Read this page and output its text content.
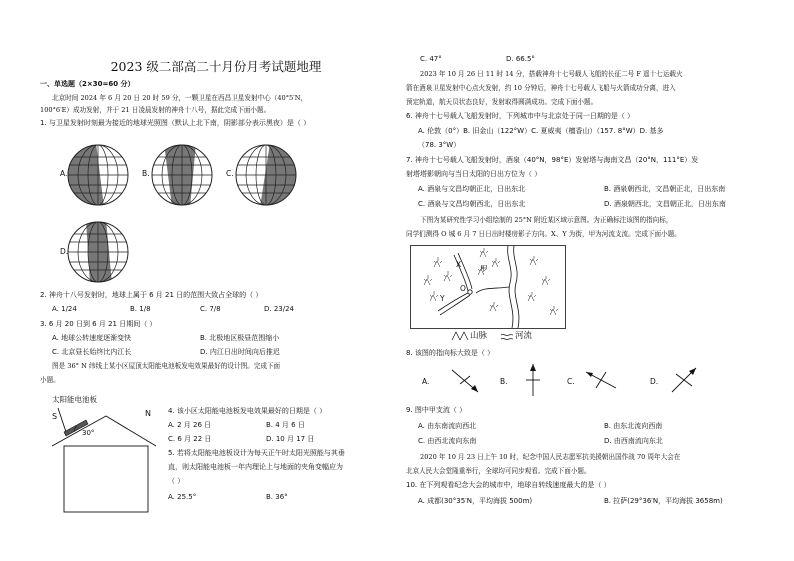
2023 级二部高二十月份月考试题地理
一、单选题（2×30=60 分）
北京时间 2024 年 6 月 20 日 20 时 59 分，一颗卫星在西昌卫星发射中心（40°5′N，
100°6′E）成功发射，并于 21 日凌晨发射的神舟十八号，据此完成下面小题。
1. 与卫星发射时刻最为接近的地球光照图（默认上北下南，阴影部分表示黑夜）是（ ）
A.	B.	C.
D.
2. 神舟十八号发射时，地球上属于 6 月 21 日的范围大致占全球的（ ）
A. 1/24	B. 1/8	C. 7/8	D. 23/24
3. 6 月 20 日到 6 月 21 日期间（ ）
A. 地球公转速度逐渐变快	B. 北极地区极昼范围缩小
C. 北京昼长始终比内江长	D. 内江日出时间向后推迟
图是 36° N 纬线上某小区屋顶太阳能电池板发电效果最好的设计图。完成下面
小题。
太阳能电池板
S	N
30°
4. 该小区太阳能电池板发电效果最好的日期是（ ）
A. 2 月 26 日	B. 4 月 6 日
C. 6 月 22 日	D. 10 月 17 日
5. 若将太阳能电池板设计为每天正午时太阳光照能与其垂
直，则太阳能电池板一年内理论上与地面的夹角变幅应为
（ ）
A. 25.5°	B. 36°
C. 47°	D. 66.5°
2023 年 10 月 26 日 11 时 14 分，搭载神舟十七号载人飞船的长征二号 F 遥十七运载火
箭在酒泉卫星发射中心点火发射，约 10 分钟后，神舟十七号载人飞船与火箭成功分离，进入
预定轨道，航天员状态良好，发射取得圆满成功。完成下面小题。
6. 神舟十七号载人飞船发射时，下列城市中与北京处于同一日期的是（ ）
A. 伦敦（0°）B. 旧金山（122°W）C. 夏威夷（檀香山）（157. 8°W）D. 基多
（78. 3°W）
7. 神舟十七号载人飞船发射时，酒泉（40°N，98°E）发射塔与海南文昌（20°N，111°E）发
射塔塔影朝向与当日太阳的日出方位为（ ）
A. 酒泉与文昌均朝正北，日出东北	B. 酒泉朝西北，文昌朝正北，日出东南
C. 酒泉与文昌均朝西北，日出东北	D. 酒泉朝西北，文昌朝正北，日出东南
下图为某研究性学习小组绘制的 25°N 附近某区域示意图。为正确标注该图的指向标，
同学们测得 O 城 6 月 7 日日出时楼房影子方向。X、Y 为街，甲为河流支流。完成下面小题。
X	甲
O
Y
山脉	河流
8. 该图的指向标大致是（ ）
A.	B.	C.	D.
9. 图中甲支流（ ）
A. 由东南流向西北	B. 由东北流向西南
C. 由西北流向东南	D. 由西南流向东北
2020 年 10 月 23 日上午 10 时，纪念中国人民志愿军抗美援朝出国作战 70 周年大会在
北京人民大会堂隆重举行，全球均可同步观看。完成下面小题。
10. 在下列观看纪念大会的城市中，地球自转线速度最大的是（ ）
A. 成都(30°35′N，平均海拔 500m)	B. 拉萨(29°36′N，平均海拔 3658m)
